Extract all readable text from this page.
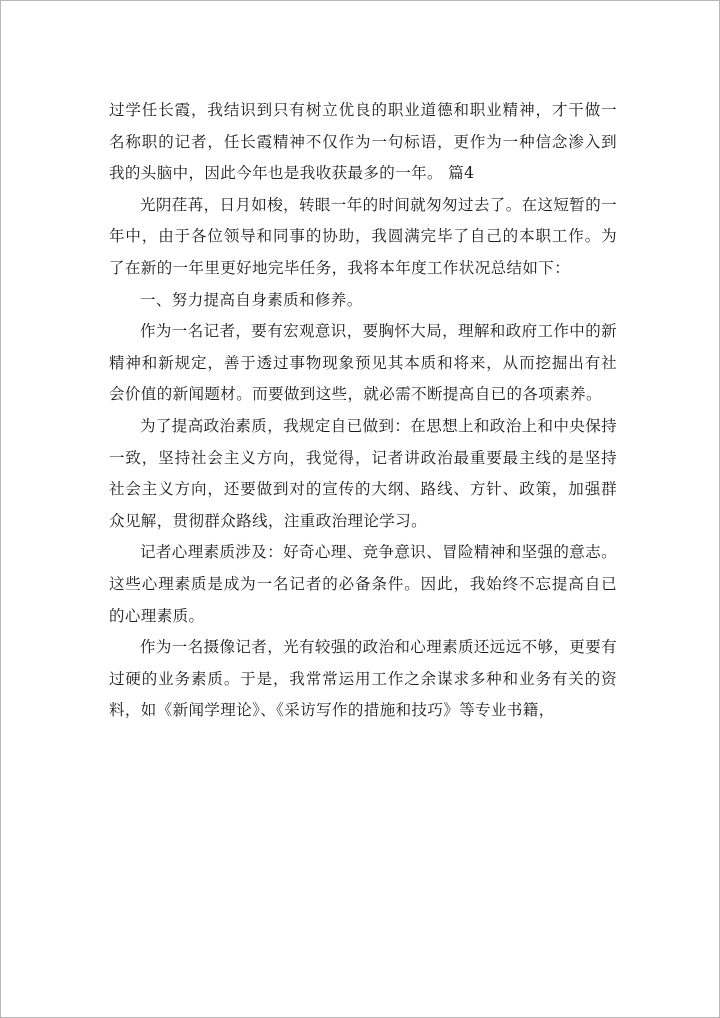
过学任长霞，我结识到只有树立优良的职业道德和职业精神，才干做一名称职的记者，任长霞精神不仅作为一句标语，更作为一种信念渗入到我的头脑中，因此今年也是我收获最多的一年。 篇4

光阴荏苒，日月如梭，转眼一年的时间就匆匆过去了。在这短暂的一年中，由于各位领导和同事的协助，我圆满完毕了自己的本职工作。为了在新的一年里更好地完毕任务，我将本年度工作状况总结如下：

一、努力提高自身素质和修养。

作为一名记者，要有宏观意识，要胸怀大局，理解和政府工作中的新精神和新规定，善于透过事物现象预见其本质和将来，从而挖掘出有社会价值的新闻题材。而要做到这些，就必需不断提高自已的各项素养。

为了提高政治素质，我规定自已做到：在思想上和政治上和中央保持一致，坚持社会主义方向，我觉得，记者讲政治最重要最主线的是坚持社会主义方向，还要做到对的宣传的大纲、路线、方针、政策，加强群众见解，贯彻群众路线，注重政治理论学习。

记者心理素质涉及：好奇心理、竞争意识、冒险精神和坚强的意志。这些心理素质是成为一名记者的必备条件。因此，我始终不忘提高自已的心理素质。

作为一名摄像记者，光有较强的政治和心理素质还远远不够，更要有过硬的业务素质。于是，我常常运用工作之余谋求多种和业务有关的资料，如《新闻学理论》、《采访写作的措施和技巧》等专业书籍，
